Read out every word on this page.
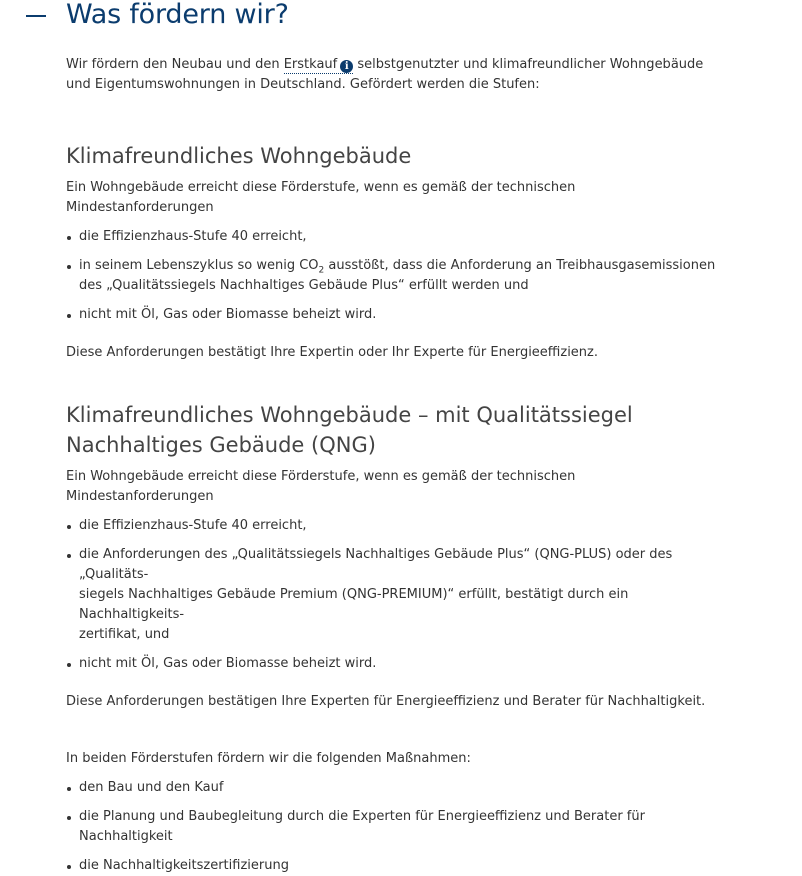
Was fördern wir?

Wir fördern den Neubau und den Erstkauf i selbstgenutzter und klimafreundlicher Wohngebäude und Eigentumswohnungen in Deutschland. Gefördert werden die Stufen:

Klimafreundliches Wohngebäude

Ein Wohngebäude erreicht diese Förderstufe, wenn es gemäß der technischen Mindestanforderungen

die Effizienzhaus-Stufe 40 erreicht,
in seinem Lebenszyklus so wenig $CO_2$ ausstößt, dass die Anforderung an Treibhausgasemissionen des „Qualitätssiegels Nachhaltiges Gebäude Plus“ erfüllt werden und
nicht mit Öl, Gas oder Biomasse beheizt wird.

Diese Anforderungen bestätigt Ihre Expertin oder Ihr Experte für Energieeffizienz.

Klimafreundliches Wohngebäude – mit Qualitätssiegel
Nachhaltiges Gebäude (QNG)

Ein Wohngebäude erreicht diese Förderstufe, wenn es gemäß der technischen Mindestanforderungen

die Effizienzhaus-Stufe 40 erreicht,
die Anforderungen des „Qualitätssiegels Nachhaltiges Gebäude Plus“ (QNG-PLUS) oder des „Qualitäts-
siegels Nachhaltiges Gebäude Premium (QNG-PREMIUM)“ erfüllt, bestätigt durch ein Nachhaltigkeits-
zertifikat, und
nicht mit Öl, Gas oder Biomasse beheizt wird.

Diese Anforderungen bestätigen Ihre Experten für Energieeffizienz und Berater für Nachhaltigkeit.

In beiden Förderstufen fördern wir die folgenden Maßnahmen:

den Bau und den Kauf
die Planung und Baubegleitung durch die Experten für Energieeffizienz und Berater für Nachhaltigkeit
die Nachhaltigkeitszertifizierung
